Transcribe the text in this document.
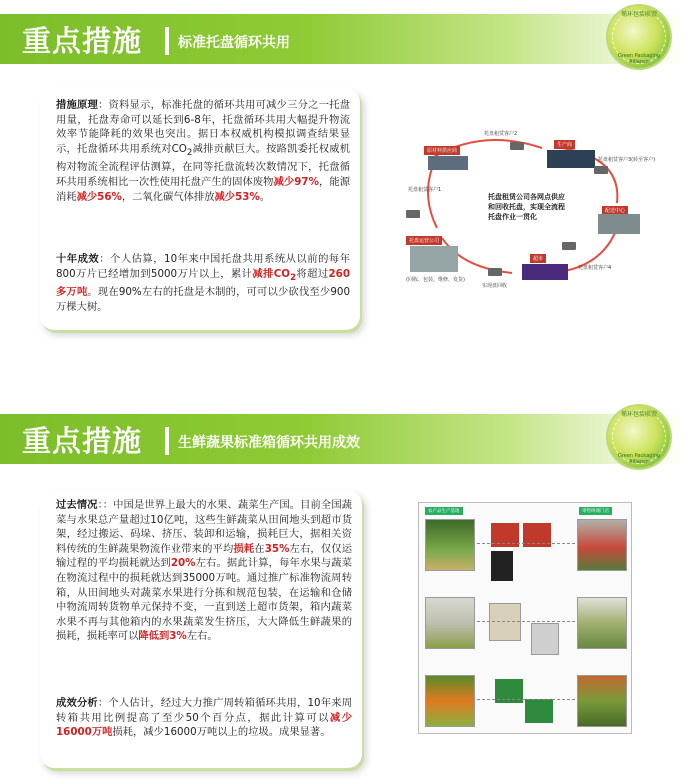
重点措施	标准托盘循环共用
循环包装联盟
Green Packaging Alliance
措施原理：资料显示，标准托盘的循环共用可减少三分之一托盘用量，托盘寿命可以延长到6-8年，托盘循环共用大幅提升物流效率节能降耗的效果也突出。据日本权威机构模拟调查结果显示，托盘循环共用系统对$CO_2$减排贡献巨大。按路凯委托权威机构对物流全流程评估测算，在同等托盘流转次数情况下，托盘循环共用系统相比一次性使用托盘产生的固体废物减少97%，能源消耗减少56%，二氧化碳气体排放减少53%。
十年成效：个人估算，10年来中国托盘共用系统从以前的每年800万片已经增加到5000万片以上，累计减排$CO_2$将超过260多万吨。现在90%左右的托盘是木制的，可可以少砍伐至少900万棵大树。
原材料供应商
生产商
配送中心
超市
托盘运营公司
托盘租赁客户2
托盘租赁客户3(转至客户)
托盘租赁客户4
托盘租赁客户1
(回收、包装、维修、发货)
实现盘回收
托盘租赁公司各网点供应和回收托盘，实现全流程托盘作业一贯化
重点措施	生鲜蔬果标准箱循环共用成效
循环包装联盟
Green Packaging Alliance
过去情况：：中国是世界上最大的水果、蔬菜生产国。目前全国蔬菜与水果总产量超过10亿吨，这些生鲜蔬菜从田间地头到超市货架，经过搬运、码垛、挤压、装卸和运输，损耗巨大，据相关资料传统的生鲜蔬果物流作业带来的平均损耗在35%左右，仅仅运输过程的平均损耗就达到20%左右。据此计算，每年水果与蔬菜在物流过程中的损耗就达到35000万吨。通过推广标准物流周转箱，从田间地头对蔬菜水果进行分拣和规范包装，在运输和仓储中物流周转货物单元保持不变，一直到送上超市货架，箱内蔬菜水果不再与其他箱内的水果蔬菜发生挤压，大大降低生鲜蔬果的损耗，损耗率可以降低到3%左右。
成效分析：个人估计，经过大力推广周转箱循环共用，10年来周转箱共用比例提高了至少50个百分点，据此计算可以减少16000万吨损耗，减少16000万吨以上的垃圾。成果显著。
农产品生产基地	零售终端门店
